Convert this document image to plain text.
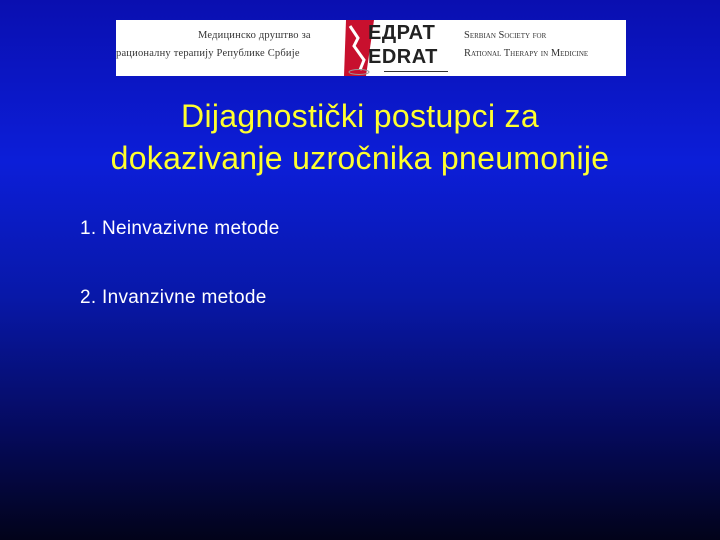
Медицинско друштво за
рационалну терапију Републике Србије
ЕДРАТ
EDRAT
Serbian Society for
Rational Therapy in Medicine
Dijagnostički postupci za
dokazivanje uzročnika pneumonije
1. Neinvazivne metode
2. Invanzivne metode
